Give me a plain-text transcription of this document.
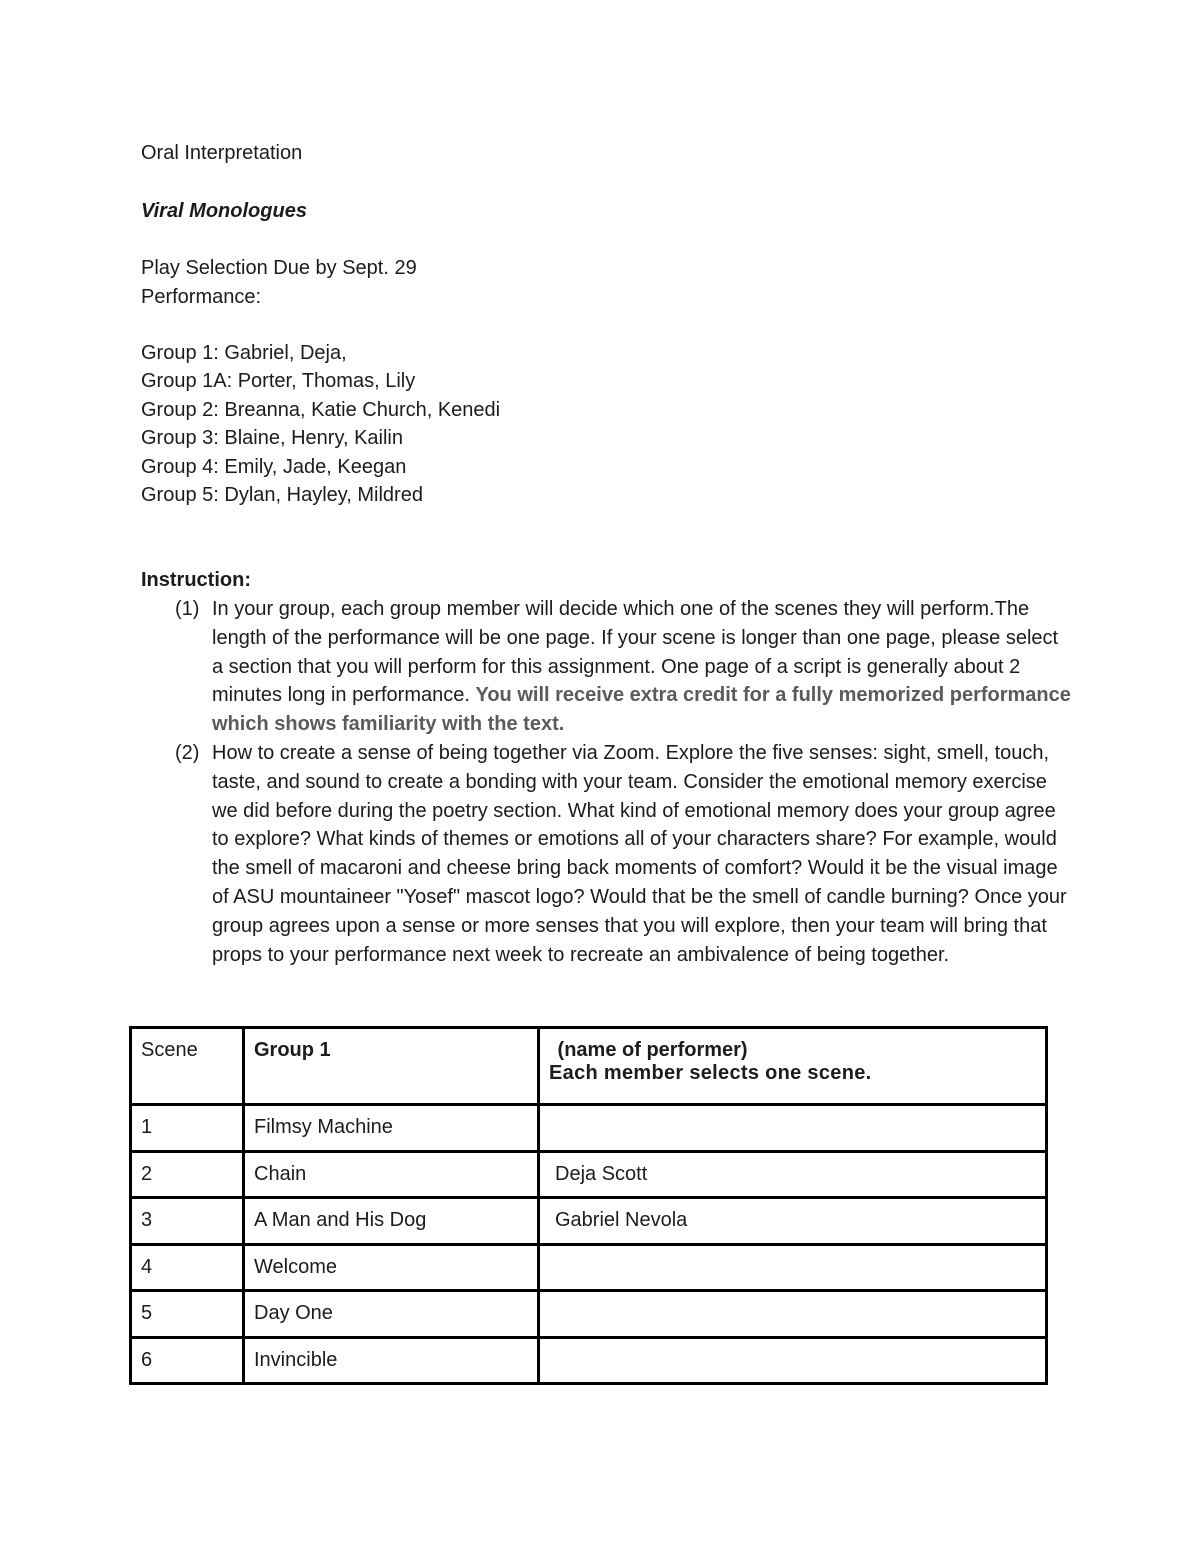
Oral Interpretation
Viral Monologues
Play Selection Due by Sept. 29
Performance:
Group 1: Gabriel, Deja,
Group 1A: Porter, Thomas, Lily
Group 2: Breanna, Katie Church, Kenedi
Group 3: Blaine, Henry, Kailin
Group 4: Emily, Jade, Keegan
Group 5: Dylan, Hayley, Mildred
Instruction:
(1) In your group, each group member will decide which one of the scenes they will perform.The length of the performance will be one page. If your scene is longer than one page, please select a section that you will perform for this assignment. One page of a script is generally about 2 minutes long in performance. You will receive extra credit for a fully memorized performance which shows familiarity with the text.

(2) How to create a sense of being together via Zoom. Explore the five senses: sight, smell, touch, taste, and sound to create a bonding with your team. Consider the emotional memory exercise we did before during the poetry section. What kind of emotional memory does your group agree to explore? What kinds of themes or emotions all of your characters share? For example, would the smell of macaroni and cheese bring back moments of comfort? Would it be the visual image of ASU mountaineer "Yosef" mascot logo? Would that be the smell of candle burning? Once your group agrees upon a sense or more senses that you will explore, then your team will bring that props to your performance next week to recreate an ambivalence of being together.

Scene	Group 1	(name of performer)
Each member selects one scene.

1	Filmsy Machine	
2	Chain	Deja Scott
3	A Man and His Dog	Gabriel Nevola
4	Welcome	
5	Day One	
6	Invincible	
